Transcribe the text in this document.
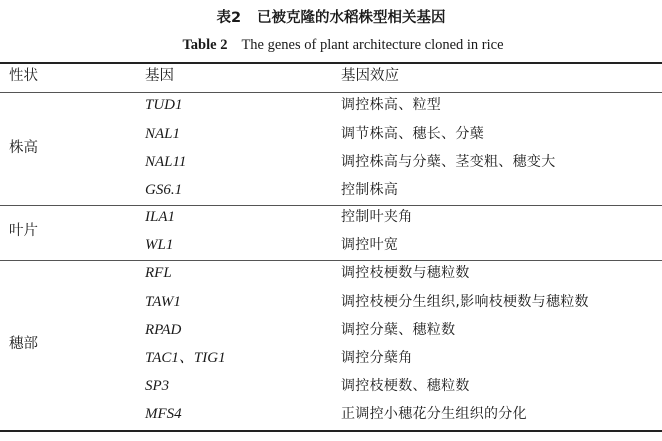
表2 已被克隆的水稻株型相关基因
Table 2 The genes of plant architecture cloned in rice
性状	基因	基因效应
株高
TUD1	调控株高、粒型
NAL1	调节株高、穗长、分蘖
NAL11	调控株高与分蘖、茎变粗、穗变大
GS6.1	控制株高
叶片
ILA1	控制叶夹角
WL1	调控叶宽
穗部
RFL	调控枝梗数与穗粒数
TAW1	调控枝梗分生组织,影响枝梗数与穗粒数
RPAD	调控分蘖、穗粒数
TAC1、TIG1	调控分蘖角
SP3	调控枝梗数、穗粒数
MFS4	正调控小穗花分生组织的分化
